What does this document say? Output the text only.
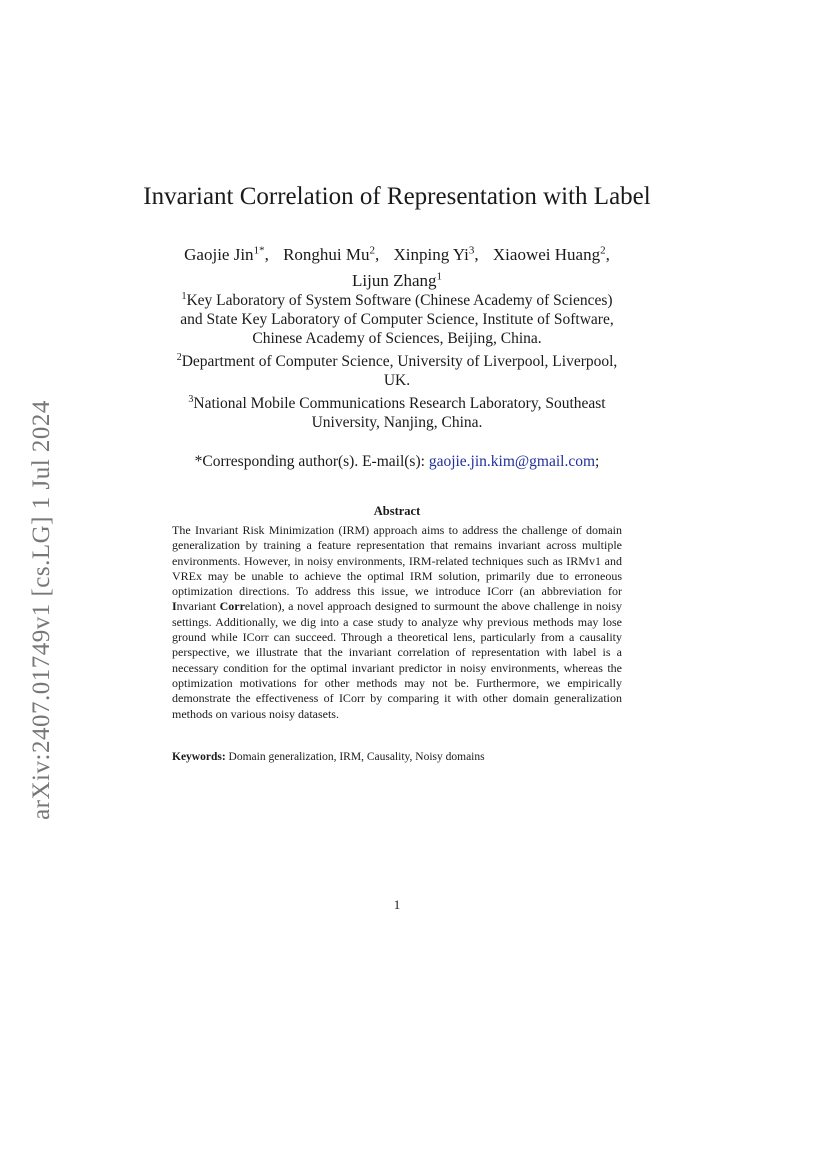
arXiv:2407.01749v1 [cs.LG] 1 Jul 2024
Invariant Correlation of Representation with Label
Gaojie Jin$^{1*}$, Ronghui Mu$^2$, Xinping Yi$^3$, Xiaowei Huang$^2$,
Lijun Zhang$^1$
$^1$Key Laboratory of System Software (Chinese Academy of Sciences)
and State Key Laboratory of Computer Science, Institute of Software,
Chinese Academy of Sciences, Beijing, China.
$^2$Department of Computer Science, University of Liverpool, Liverpool,
UK.
$^3$National Mobile Communications Research Laboratory, Southeast
University, Nanjing, China.
*Corresponding author(s). E-mail(s): gaojie.jin.kim@gmail.com;
Abstract
The Invariant Risk Minimization (IRM) approach aims to address the challenge of domain generalization by training a feature representation that remains invariant across multiple environments. However, in noisy environments, IRM-related techniques such as IRMv1 and VREx may be unable to achieve the optimal IRM solution, primarily due to erroneous optimization directions. To address this issue, we introduce ICorr (an abbreviation for Invariant Correlation), a novel approach designed to surmount the above challenge in noisy settings. Additionally, we dig into a case study to analyze why previous methods may lose ground while ICorr can succeed. Through a theoretical lens, particularly from a causality perspective, we illustrate that the invariant correlation of representation with label is a necessary condition for the optimal invariant predictor in noisy environments, whereas the optimization motivations for other methods may not be. Furthermore, we empirically demonstrate the effectiveness of ICorr by comparing it with other domain generalization methods on various noisy datasets.
Keywords: Domain generalization, IRM, Causality, Noisy domains
1
